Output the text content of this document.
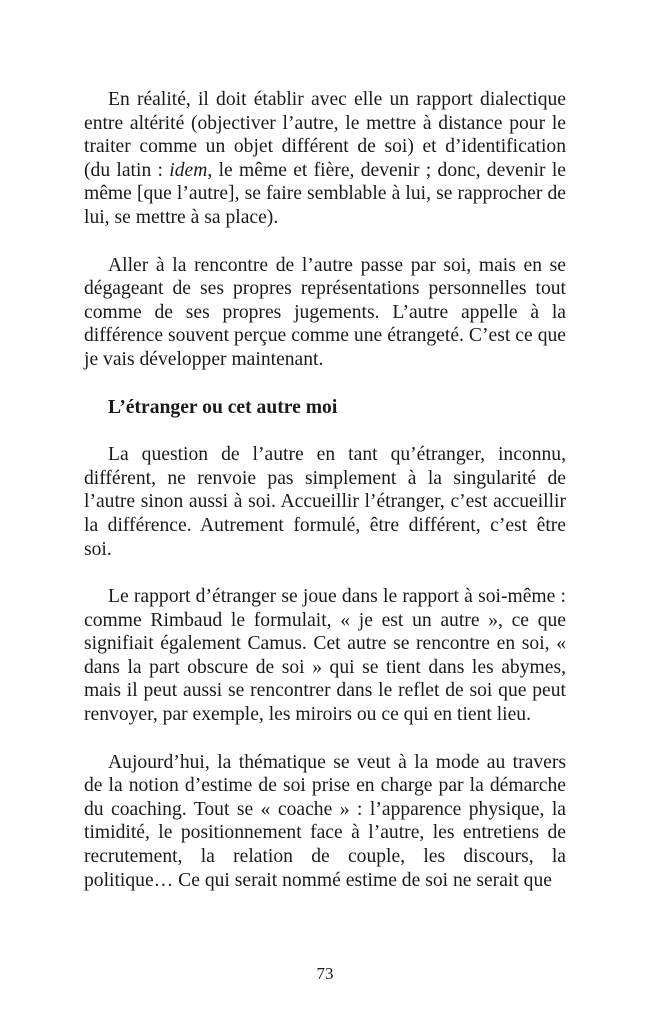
En réalité, il doit établir avec elle un rapport dialectique entre altérité (objectiver l’autre, le mettre à distance pour le traiter comme un objet différent de soi) et d’identification (du latin : idem, le même et fière, devenir ; donc, devenir le même [que l’autre], se faire semblable à lui, se rapprocher de lui, se mettre à sa place).

Aller à la rencontre de l’autre passe par soi, mais en se dégageant de ses propres représentations personnelles tout comme de ses propres jugements. L’autre appelle à la différence souvent perçue comme une étrangeté. C’est ce que je vais développer maintenant.

L’étranger ou cet autre moi

La question de l’autre en tant qu’étranger, inconnu, différent, ne renvoie pas simplement à la singularité de l’autre sinon aussi à soi. Accueillir l’étranger, c’est accueillir la différence. Autrement formulé, être différent, c’est être soi.

Le rapport d’étranger se joue dans le rapport à soi-même : comme Rimbaud le formulait, « je est un autre », ce que signifiait également Camus. Cet autre se rencontre en soi, « dans la part obscure de soi » qui se tient dans les abymes, mais il peut aussi se rencontrer dans le reflet de soi que peut renvoyer, par exemple, les miroirs ou ce qui en tient lieu.

Aujourd’hui, la thématique se veut à la mode au travers de la notion d’estime de soi prise en charge par la démarche du coaching. Tout se « coache » : l’apparence physique, la timidité, le positionnement face à l’autre, les entretiens de recrutement, la relation de couple, les discours, la politique… Ce qui serait nommé estime de soi ne serait que

73
